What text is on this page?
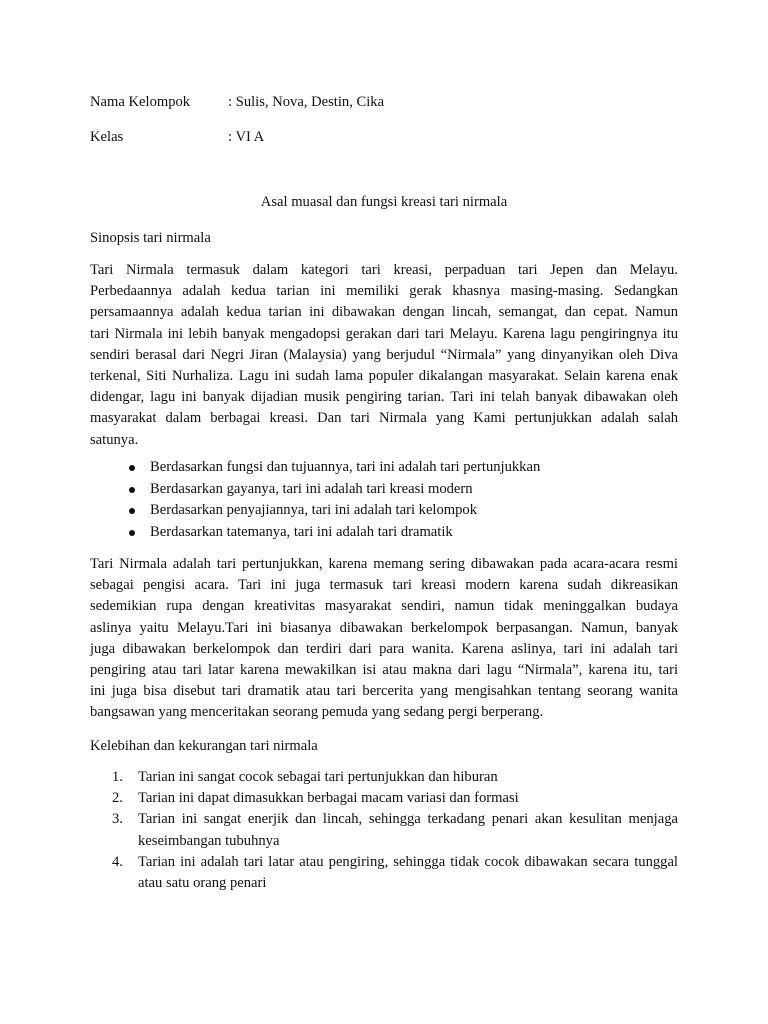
Nama Kelompok	: Sulis, Nova, Destin, Cika
Kelas	: VI A
Asal muasal dan fungsi kreasi tari nirmala
Sinopsis tari nirmala
Tari Nirmala termasuk dalam kategori tari kreasi, perpaduan tari Jepen dan Melayu.
Perbedaannya adalah kedua tarian ini memiliki gerak khasnya masing-masing. Sedangkan
persamaannya adalah kedua tarian ini dibawakan dengan lincah, semangat, dan cepat. Namun
tari Nirmala ini lebih banyak mengadopsi gerakan dari tari Melayu. Karena lagu pengiringnya itu
sendiri berasal dari Negri Jiran (Malaysia) yang berjudul “Nirmala” yang dinyanyikan oleh Diva
terkenal, Siti Nurhaliza. Lagu ini sudah lama populer dikalangan masyarakat. Selain karena enak
didengar, lagu ini banyak dijadian musik pengiring tarian. Tari ini telah banyak dibawakan oleh
masyarakat dalam berbagai kreasi. Dan tari Nirmala yang Kami pertunjukkan adalah salah
satunya.
Berdasarkan fungsi dan tujuannya, tari ini adalah tari pertunjukkan
Berdasarkan gayanya, tari ini adalah tari kreasi modern
Berdasarkan penyajiannya, tari ini adalah tari kelompok
Berdasarkan tatemanya, tari ini adalah tari dramatik
Tari Nirmala adalah tari pertunjukkan, karena memang sering dibawakan pada acara-acara resmi
sebagai pengisi acara. Tari ini juga termasuk tari kreasi modern karena sudah dikreasikan
sedemikian rupa dengan kreativitas masyarakat sendiri, namun tidak meninggalkan budaya
aslinya yaitu Melayu.Tari ini biasanya dibawakan berkelompok berpasangan. Namun, banyak
juga dibawakan berkelompok dan terdiri dari para wanita. Karena aslinya, tari ini adalah tari
pengiring atau tari latar karena mewakilkan isi atau makna dari lagu “Nirmala”, karena itu, tari
ini juga bisa disebut tari dramatik atau tari bercerita yang mengisahkan tentang seorang wanita
bangsawan yang menceritakan seorang pemuda yang sedang pergi berperang.
Kelebihan dan kekurangan tari nirmala
1. Tarian ini sangat cocok sebagai tari pertunjukkan dan hiburan
2. Tarian ini dapat dimasukkan berbagai macam variasi dan formasi
3. Tarian ini sangat enerjik dan lincah, sehingga terkadang penari akan kesulitan menjaga
keseimbangan tubuhnya
4. Tarian ini adalah tari latar atau pengiring, sehingga tidak cocok dibawakan secara tunggal
atau satu orang penari
